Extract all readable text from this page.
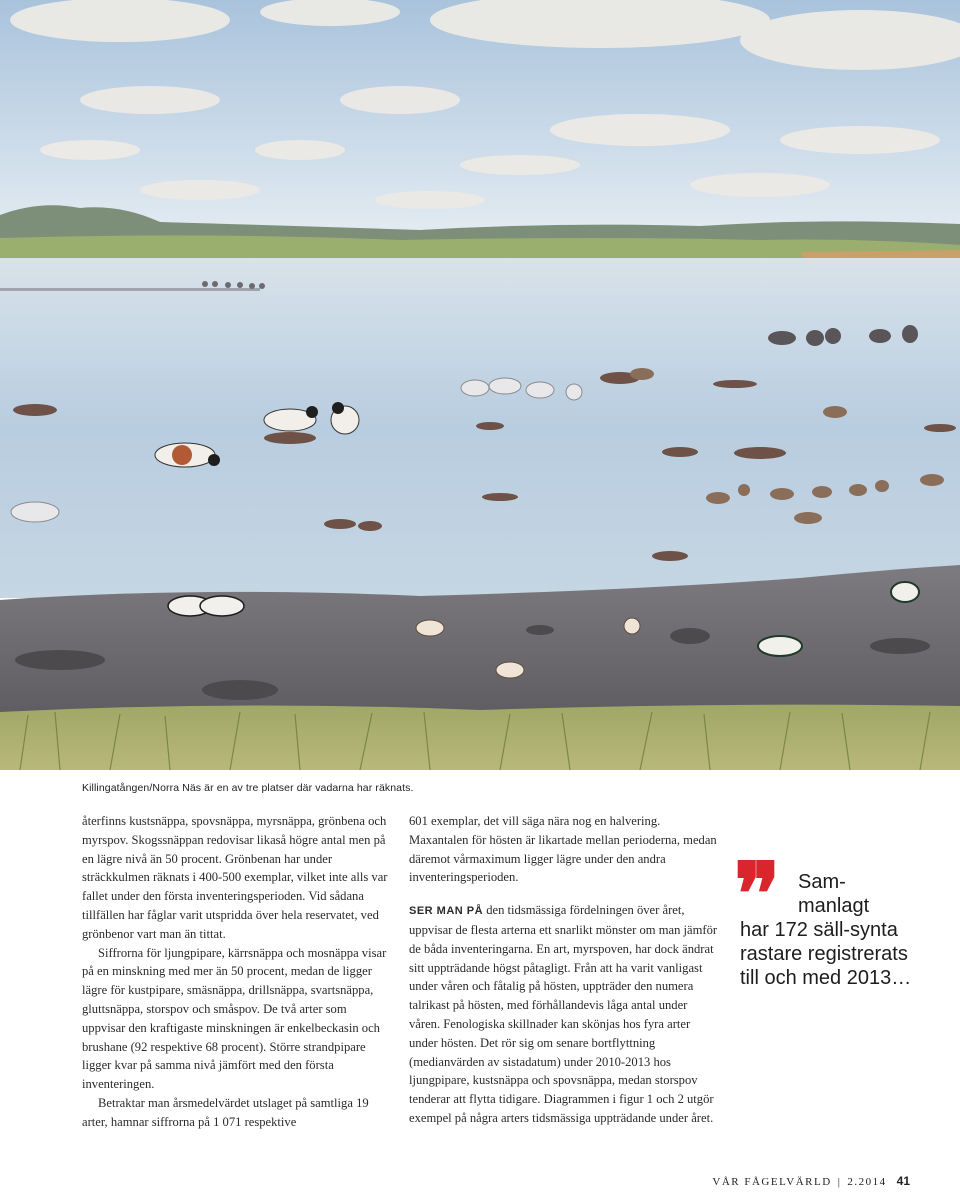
Killingatången/Norra Näs är en av tre platser där vadarna har räknats.

återfinns kustsnäppa, spovsnäppa, myrsnäppa, grönbena och myrspov. Skogssnäppan redovisar likaså högre antal men på en lägre nivå än 50 procent. Grönbenan har under sträckkulmen räknats i 400-500 exemplar, vilket inte alls var fallet under den första inventeringsperioden. Vid sådana tillfällen har fåglar varit utspridda över hela reservatet, ved grönbenor vart man än tittat.

Siffrorna för ljungpipare, kärrsnäppa och mosnäppa visar på en minskning med mer än 50 procent, medan de ligger lägre för kustpipare, smäsnäppa, drillsnäppa, svartsnäppa, gluttsnäppa, storspov och småspov. De två arter som uppvisar den kraftigaste minskningen är enkelbeckasin och brushane (92 respektive 68 procent). Större strandpipare ligger kvar på samma nivå jämfört med den första inventeringen.

Betraktar man årsmedelvärdet utslaget på samtliga 19 arter, hamnar siffrorna på 1 071 respektive

601 exemplar, det vill säga nära nog en halvering. Maxantalen för hösten är likartade mellan perioderna, medan däremot vårmaximum ligger lägre under den andra inventeringsperioden.

SER MAN PÅ den tidsmässiga fördelningen över året, uppvisar de flesta arterna ett snarlikt mönster om man jämför de båda inventeringarna. En art, myrspoven, har dock ändrat sitt uppträdande högst påtagligt. Från att ha varit vanligast under våren och fåtalig på hösten, uppträder den numera talrikast på hösten, med förhållandevis låga antal under våren. Fenologiska skillnader kan skönjas hos fyra arter under hösten. Det rör sig om senare bortflyttning (medianvärden av sistadatum) under 2010-2013 hos ljungpipare, kustsnäppa och spovsnäppa, medan storspov tenderar att flytta tidigare. Diagrammen i figur 1 och 2 utgör exempel på några arters tidsmässiga uppträdande under året.

❞ Sam-
manlagt
har 172 säll-synta rastare registrerats till och med 2013…
VÅR FÅGELVÄRLD | 2.2014 41
